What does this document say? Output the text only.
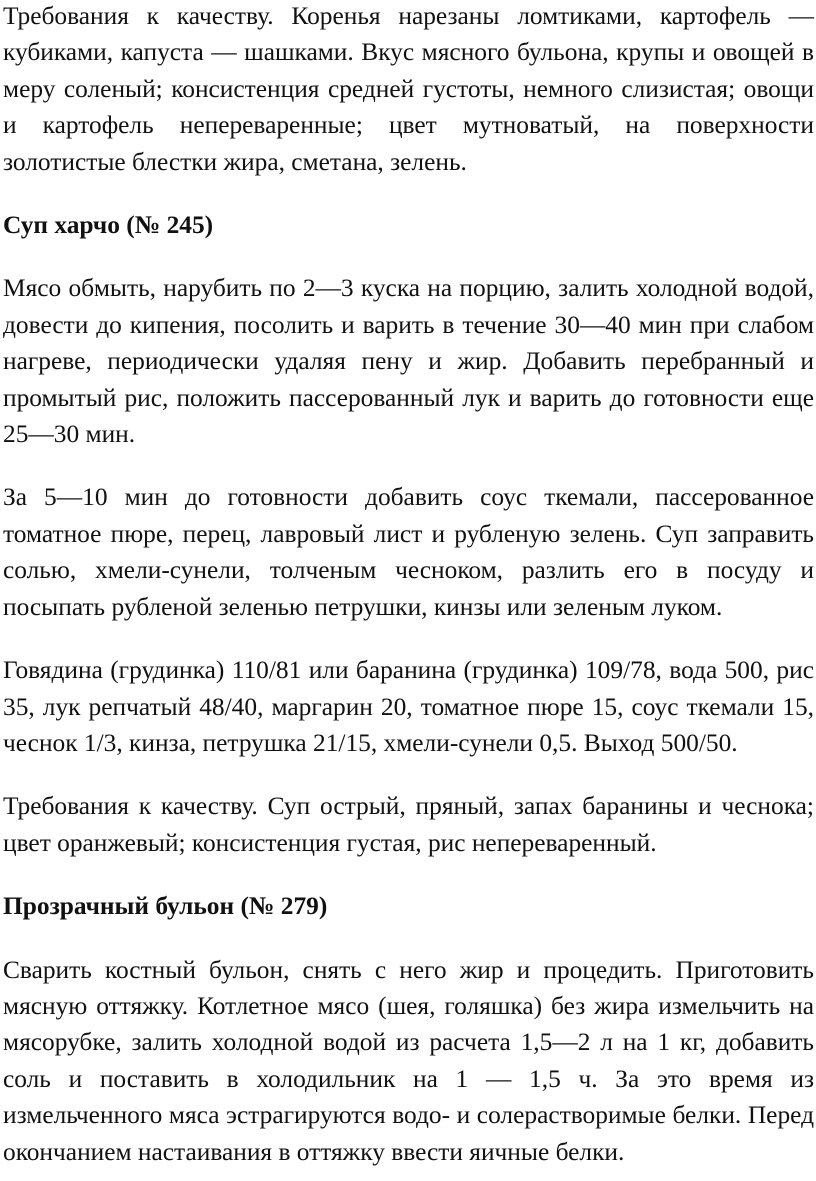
Требования к качеству. Коренья нарезаны ломтиками, картофель — кубиками, капуста — шашками. Вкус мясного бульона, крупы и овощей в меру соленый; консистенция средней густоты, немного слизистая; овощи и картофель непереваренные; цвет мутноватый, на поверхности золотистые блестки жира, сметана, зелень.

Суп харчо (№ 245)

Мясо обмыть, нарубить по 2—3 куска на порцию, залить холодной водой, довести до кипения, посолить и варить в течение 30—40 мин при слабом нагреве, периодически удаляя пену и жир. Добавить перебранный и промытый рис, положить пассерованный лук и варить до готовности еще 25—30 мин.

За 5—10 мин до готовности добавить соус ткемали, пассерованное томатное пюре, перец, лавровый лист и рубленую зелень. Суп заправить солью, хмели-сунели, толченым чесноком, разлить его в посуду и посыпать рубленой зеленью петрушки, кинзы или зеленым луком.

Говядина (грудинка) 110/81 или баранина (грудинка) 109/78, вода 500, рис 35, лук репчатый 48/40, маргарин 20, томатное пюре 15, соус ткемали 15, чеснок 1/3, кинза, петрушка 21/15, хмели-сунели 0,5. Выход 500/50.

Требования к качеству. Суп острый, пряный, запах баранины и чеснока; цвет оранжевый; консистенция густая, рис непереваренный.

Прозрачный бульон (№ 279)

Сварить костный бульон, снять с него жир и процедить. Приготовить мясную оттяжку. Котлетное мясо (шея, голяшка) без жира измельчить на мясорубке, залить холодной водой из расчета 1,5—2 л на 1 кг, добавить соль и поставить в холодильник на 1 — 1,5 ч. За это время из измельченного мяса эстрагируются водо- и солерастворимые белки. Перед окончанием настаивания в оттяжку ввести яичные белки.
